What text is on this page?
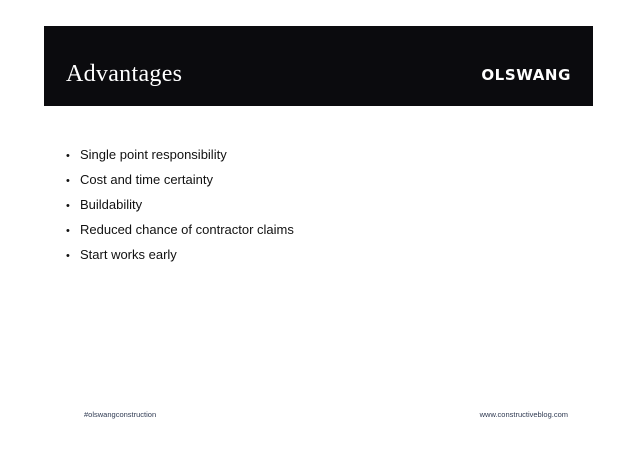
Advantages	OLSWANG
• Single point responsibility
• Cost and time certainty
• Buildability
• Reduced chance of contractor claims
• Start works early
#olswangconstruction	www.constructiveblog.com
